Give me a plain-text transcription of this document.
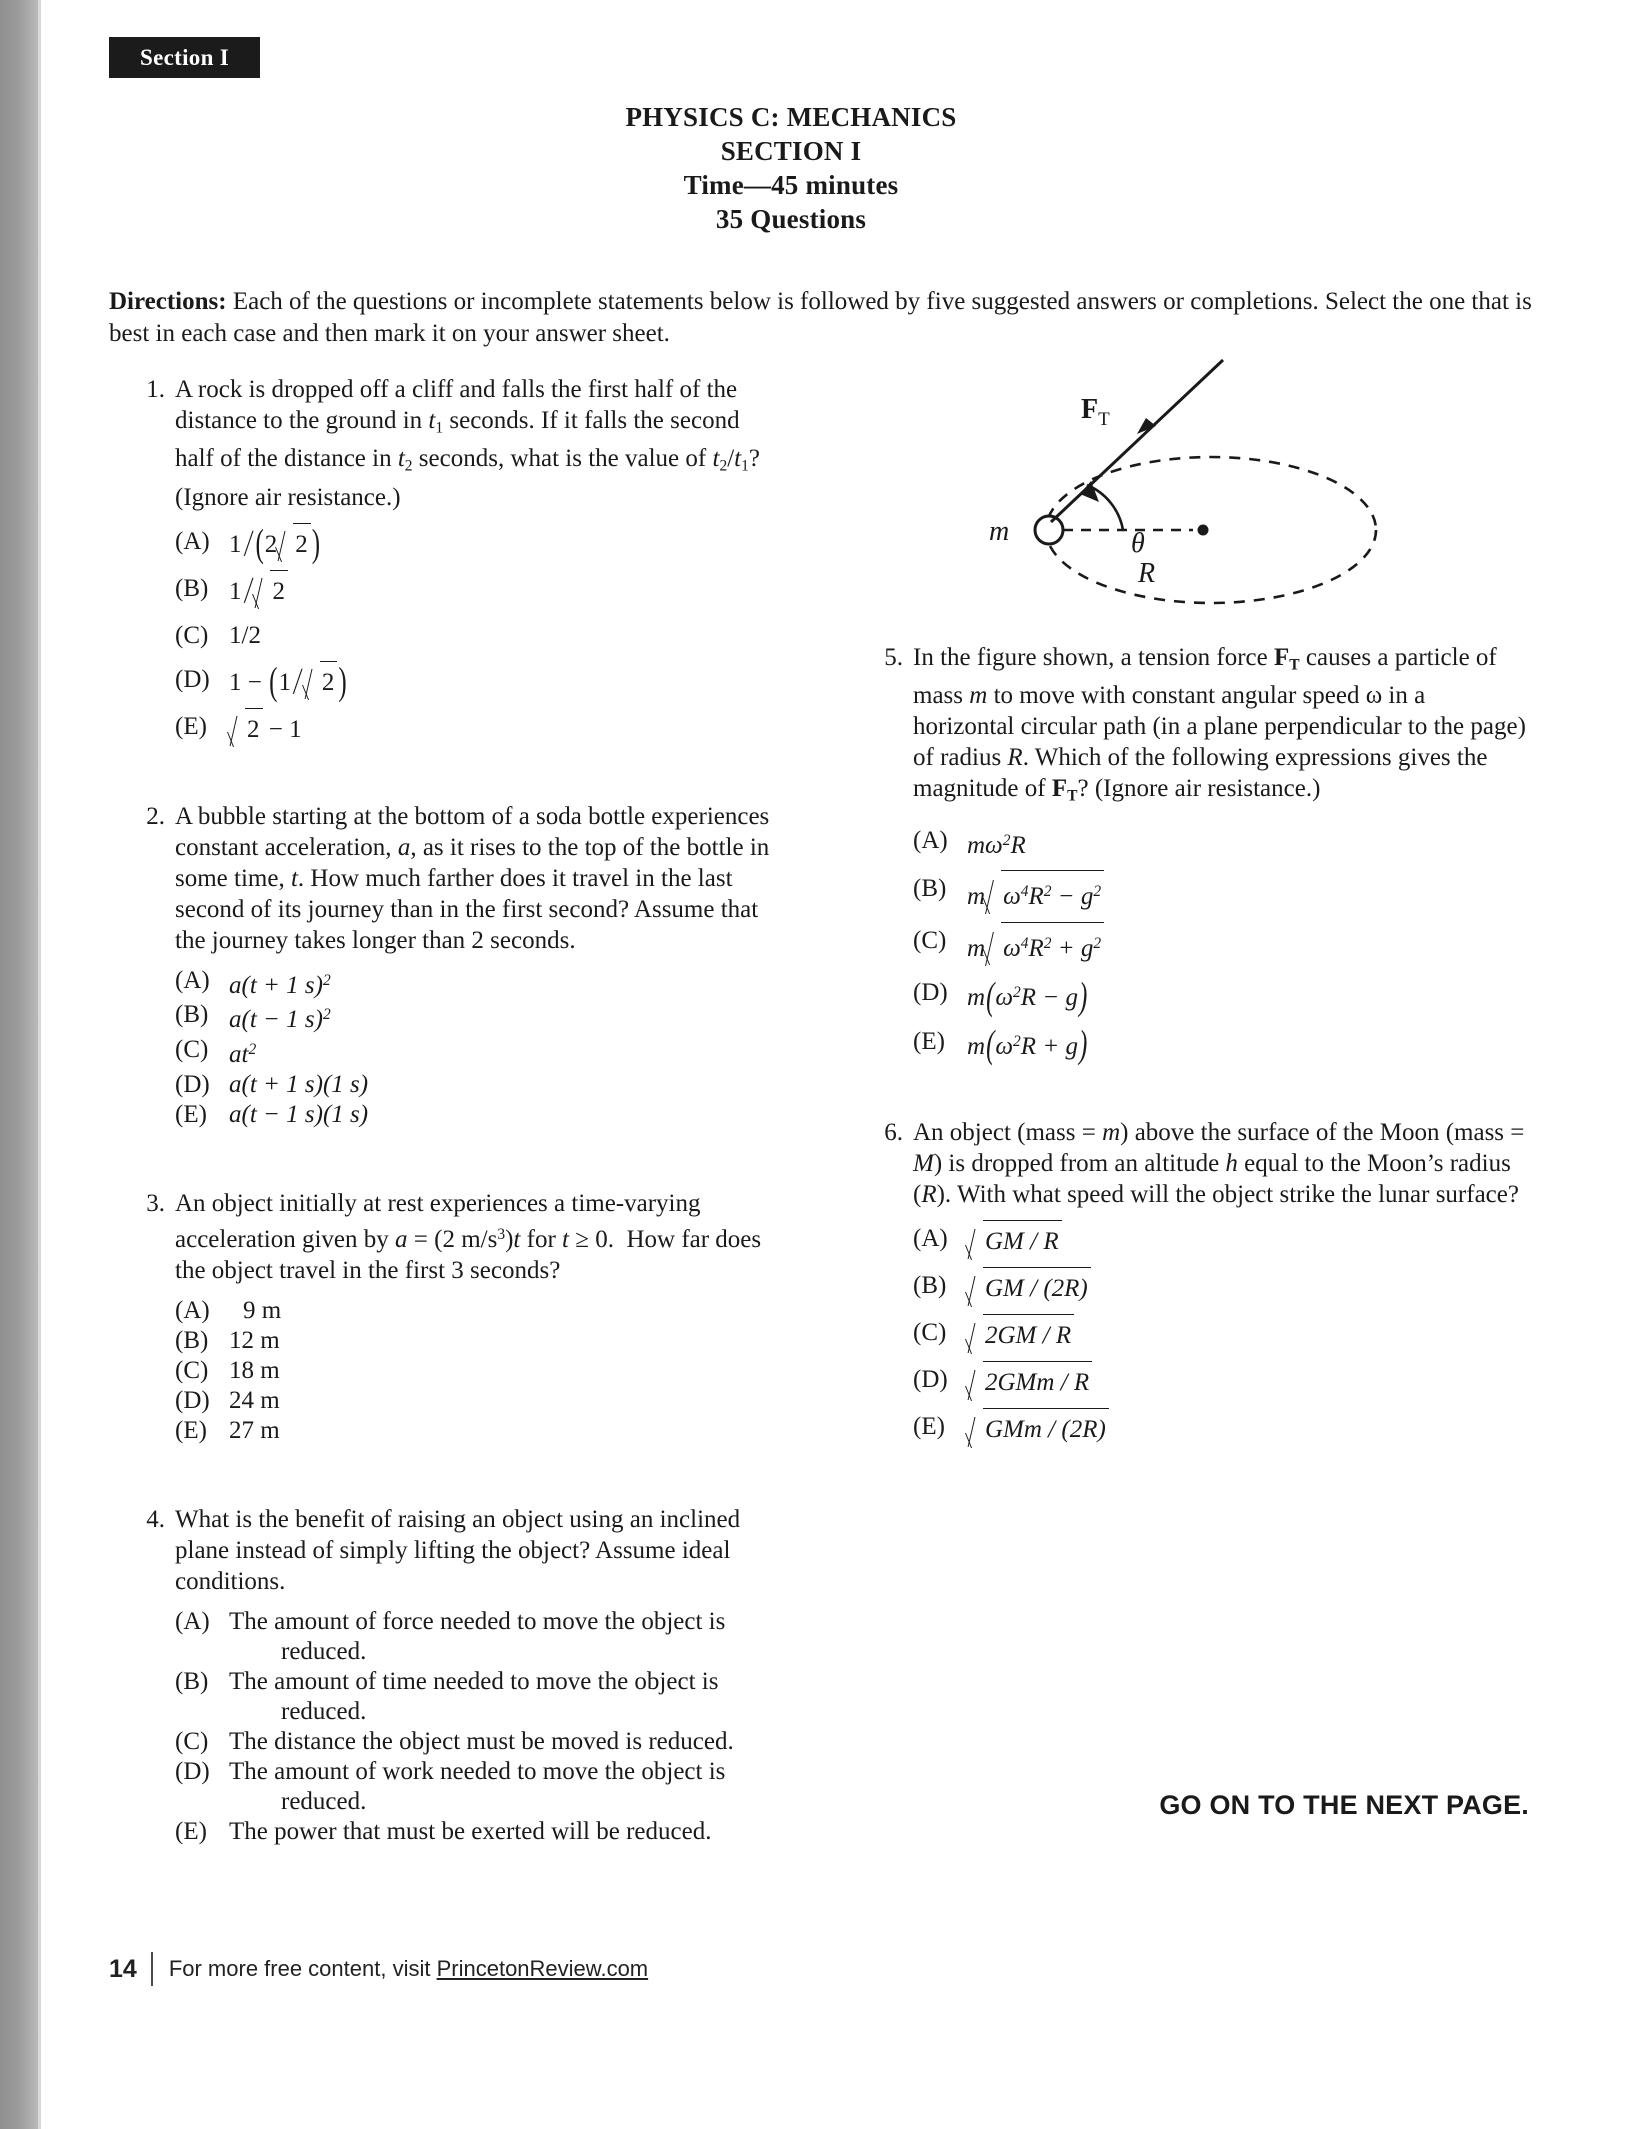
Section I
PHYSICS C: MECHANICS
SECTION I
Time—45 minutes
35 Questions
Directions: Each of the questions or incomplete statements below is followed by five suggested answers or completions. Select the one that is best in each case and then mark it on your answer sheet.
m	θ
R
$F_T$
1. A rock is dropped off a cliff and falls the first half of the distance to the ground in $t_1$ seconds. If it falls the second half of the distance in $t_2$ seconds, what is the value of $t_2/t_1$?  (Ignore air resistance.)
(A) 1/(2 2 )
(B) 1/ 2
(C) 1/2
(D) 1 − (1/ 2 )
(E)	2 − 1
2. A bubble starting at the bottom of a soda bottle experiences constant acceleration, a, as it rises to the top of the bottle in some time, t. How much farther does it travel in the last second of its journey than in the first second? Assume that the journey takes longer than 2 seconds.
(A) a(t + 1 s)$^2$
(B) a(t − 1 s)$^2$
(C) $at^2$
(D) a(t + 1 s)(1 s)
(E) a(t − 1 s)(1 s)
3. An object initially at rest experiences a time-varying acceleration given by a = (2 $m/s^3)t$ for t ≥ 0.  How far does the object travel in the first 3 seconds?
(A)	9 m
(B) 12 m
(C) 18 m
(D) 24 m
(E) 27 m
4. What is the benefit of raising an object using an inclined plane instead of simply lifting the object? Assume ideal conditions.
(A) The amount of force needed to move the object is
reduced.
(B) The amount of time needed to move the object is
reduced.
(C) The distance the object must be moved is reduced.
(D) The amount of work needed to move the object is
reduced.
(E) The power that must be exerted will be reduced.
5. In the figure shown, a tension force $F_T$ causes a particle of mass m to move with constant angular speed ω in a horizontal circular path (in a plane perpendicular to the page) of radius R. Which of the following expressions gives the magnitude of $F_T$? (Ignore air resistance.)
(A) $m\omega^2R$
(B) m $\omega^4R^2 - g^2$
(C) m $\omega^4R^2 + g^2$
(D) $m(\omega^2R - g)$
(E) $m(\omega^2R + g)$
6. An object (mass = m) above the surface of the Moon (mass = M) is dropped from an altitude h equal to the Moon’s radius (R). With what speed will the object strike the lunar surface?
(A)	GM / R
(B)	GM / (2R)
(C)	2GM / R
(D)	2GMm / R
(E)	GMm / (2R)
GO ON TO THE NEXT PAGE.
14 For more free content, visit
PrincetonReview.com
